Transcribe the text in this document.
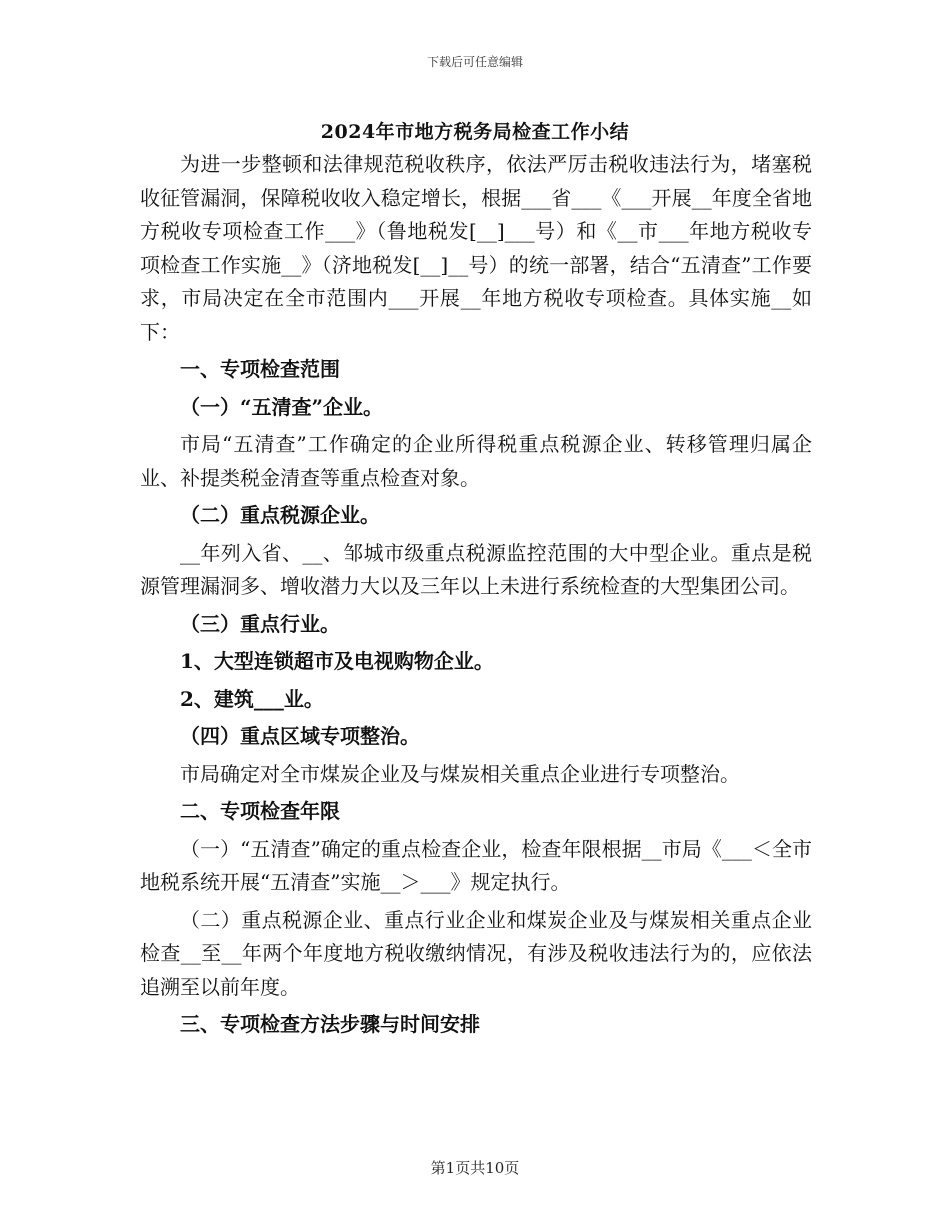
下载后可任意编辑
2024年市地方税务局检查工作小结

为进一步整顿和法律规范税收秩序，依法严厉击税收违法行为，堵塞税收征管漏洞，保障税收收入稳定增长，根据___省___《___开展__年度全省地方税收专项检查工作___》（鲁地税发[__]___号）和《__市___年地方税收专项检查工作实施__》（济地税发[__]__号）的统一部署，结合“五清查”工作要求，市局决定在全市范围内___开展__年地方税收专项检查。具体实施__如下：

一、专项检查范围

（一）“五清查”企业。

市局“五清查”工作确定的企业所得税重点税源企业、转移管理归属企业、补提类税金清查等重点检查对象。

（二）重点税源企业。

__年列入省、__、邹城市级重点税源监控范围的大中型企业。重点是税源管理漏洞多、增收潜力大以及三年以上未进行系统检查的大型集团公司。

（三）重点行业。

1、大型连锁超市及电视购物企业。

2、建筑___业。

（四）重点区域专项整治。

市局确定对全市煤炭企业及与煤炭相关重点企业进行专项整治。

二、专项检查年限

（一）“五清查”确定的重点检查企业，检查年限根据__市局《___＜全市地税系统开展“五清查”实施__＞___》规定执行。

（二）重点税源企业、重点行业企业和煤炭企业及与煤炭相关重点企业检查__至__年两个年度地方税收缴纳情况，有涉及税收违法行为的，应依法追溯至以前年度。

三、专项检查方法步骤与时间安排

第1页共10页
